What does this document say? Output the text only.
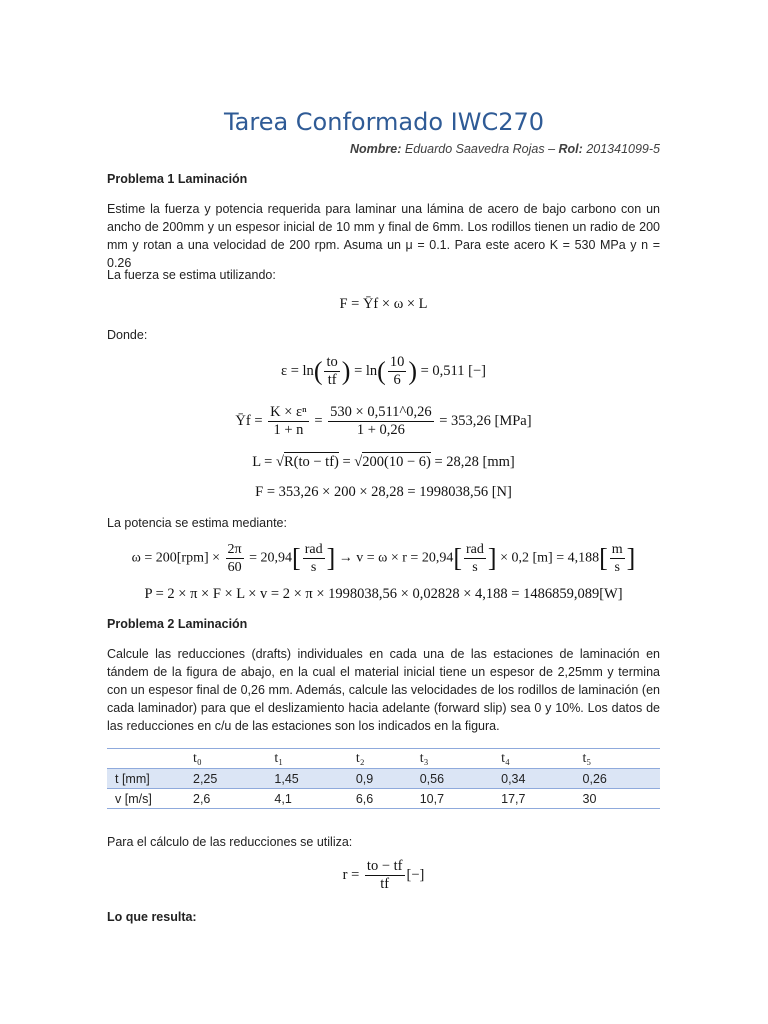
Tarea Conformado IWC270
Nombre: Eduardo Saavedra Rojas – Rol: 201341099-5
Problema 1 Laminación
Estime la fuerza y potencia requerida para laminar una lámina de acero de bajo carbono con un ancho de 200mm y un espesor inicial de 10 mm y final de 6mm. Los rodillos tienen un radio de 200 mm y rotan a una velocidad de 200 rpm. Asuma un μ = 0.1. Para este acero K = 530 MPa y n = 0.26
La fuerza se estima utilizando:
F = Ȳf × ω × L
Donde:
$\varepsilon = \ln( \frac{to}{tf}$ ) = $\ln( \frac{10}{6}$ ) = 0,511 [−]
Ȳf = $\frac{\text{K × εⁿ}}{1 + n} = \frac{530 \times 0,511\^{}0,26}{1 + 0,26} = 353,26$ [MPa]
L = √R(to − tf) = √200(10 − 6) = 28,28 [mm]
F = 353,26 × 200 × 28,28 = 1998038,56 [N]
La potencia se estima mediante:
$\omega = 200[rpm] \times \frac{2\pi}{60} = 20,94[ \frac{\text{rad}}{s}$ ] → $v = \omega \times r = 20,94[ \frac{\text{rad}}{s}$ ] × 0,2 $[m] = 4,188[ \frac{m}{s}$ ]
P = 2 × π × F × L × v = 2 × π × 1998038,56 × 0,02828 × 4,188 = 1486859,089[W]
Problema 2 Laminación
Calcule las reducciones (drafts) individuales en cada una de las estaciones de laminación en tándem de la figura de abajo, en la cual el material inicial tiene un espesor de 2,25mm y termina con un espesor final de 0,26 mm. Además, calcule las velocidades de los rodillos de laminación (en cada laminador) para que el deslizamiento hacia adelante (forward slip) sea 0 y 10%. Los datos de las reducciones en c/u de las estaciones son los indicados en la figura.
	t₀	t₁	t₂	t₃	t₄	t₅
t [mm]	2,25	1,45	0,9	0,56	0,34	0,26
v [m/s]	2,6	4,1	6,6	10,7	17,7	30
Para el cálculo de las reducciones se utiliza:
$r = \frac{to - tf}{tf}$ [−]
Lo que resulta:
